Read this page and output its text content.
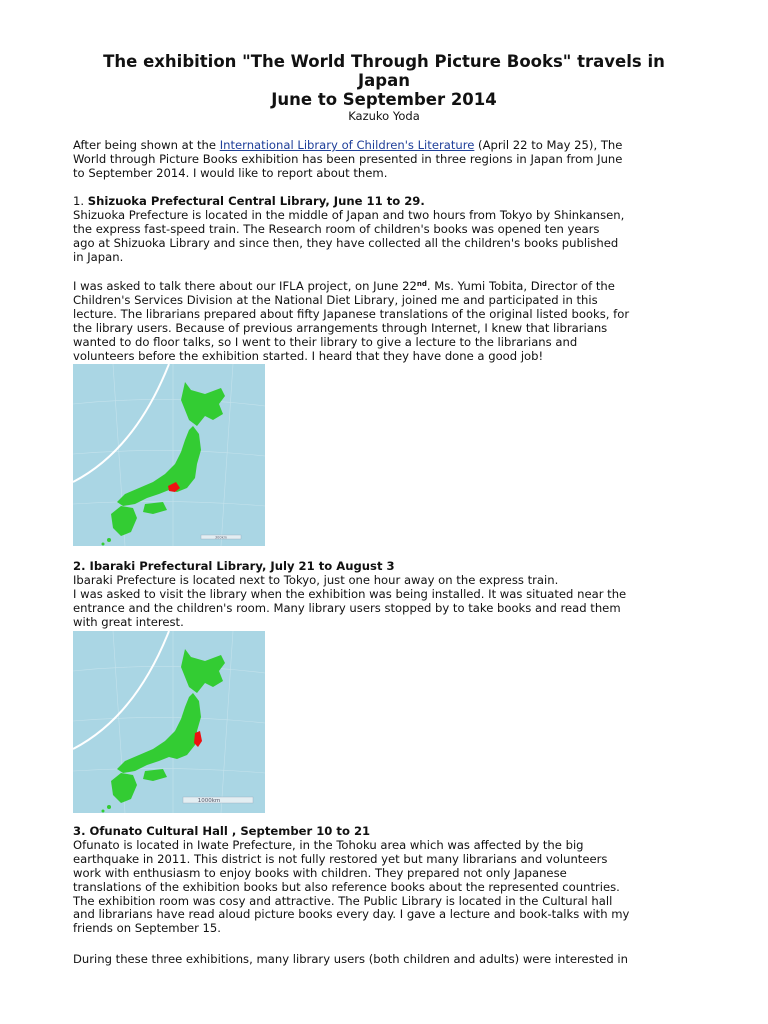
The exhibition "The World Through Picture Books" travels in
Japan
June to September 2014
Kazuko Yoda
After being shown at the International Library of Children's Literature (April 22 to May 25), The
World through Picture Books exhibition has been presented in three regions in Japan from June
to September 2014. I would like to report about them.
1. Shizuoka Prefectural Central Library, June 11 to 29.
Shizuoka Prefecture is located in the middle of Japan and two hours from Tokyo by Shinkansen,
the express fast-speed train. The Research room of children's books was opened ten years
ago at Shizuoka Library and since then, they have collected all the children's books published
in Japan.
I was asked to talk there about our IFLA project, on June 22nd. Ms. Yumi Tobita, Director of the
Children's Services Division at the National Diet Library, joined me and participated in this
lecture. The librarians prepared about fifty Japanese translations of the original listed books, for
the library users. Because of previous arrangements through Internet, I knew that librarians
wanted to do floor talks, so I went to their library to give a lecture to the librarians and
volunteers before the exhibition started. I heard that they have done a good job!
2. Ibaraki Prefectural Library, July 21 to August 3
Ibaraki Prefecture is located next to Tokyo, just one hour away on the express train.
I was asked to visit the library when the exhibition was being installed. It was situated near the
entrance and the children's room. Many library users stopped by to take books and read them
with great interest.
3. Ofunato Cultural Hall , September 10 to 21
Ofunato is located in Iwate Prefecture, in the Tohoku area which was affected by the big
earthquake in 2011. This district is not fully restored yet but many librarians and volunteers
work with enthusiasm to enjoy books with children. They prepared not only Japanese
translations of the exhibition books but also reference books about the represented countries.
The exhibition room was cosy and attractive. The Public Library is located in the Cultural hall
and librarians have read aloud picture books every day. I gave a lecture and book-talks with my
friends on September 15.
During these three exhibitions, many library users (both children and adults) were interested in
300km
1000km
